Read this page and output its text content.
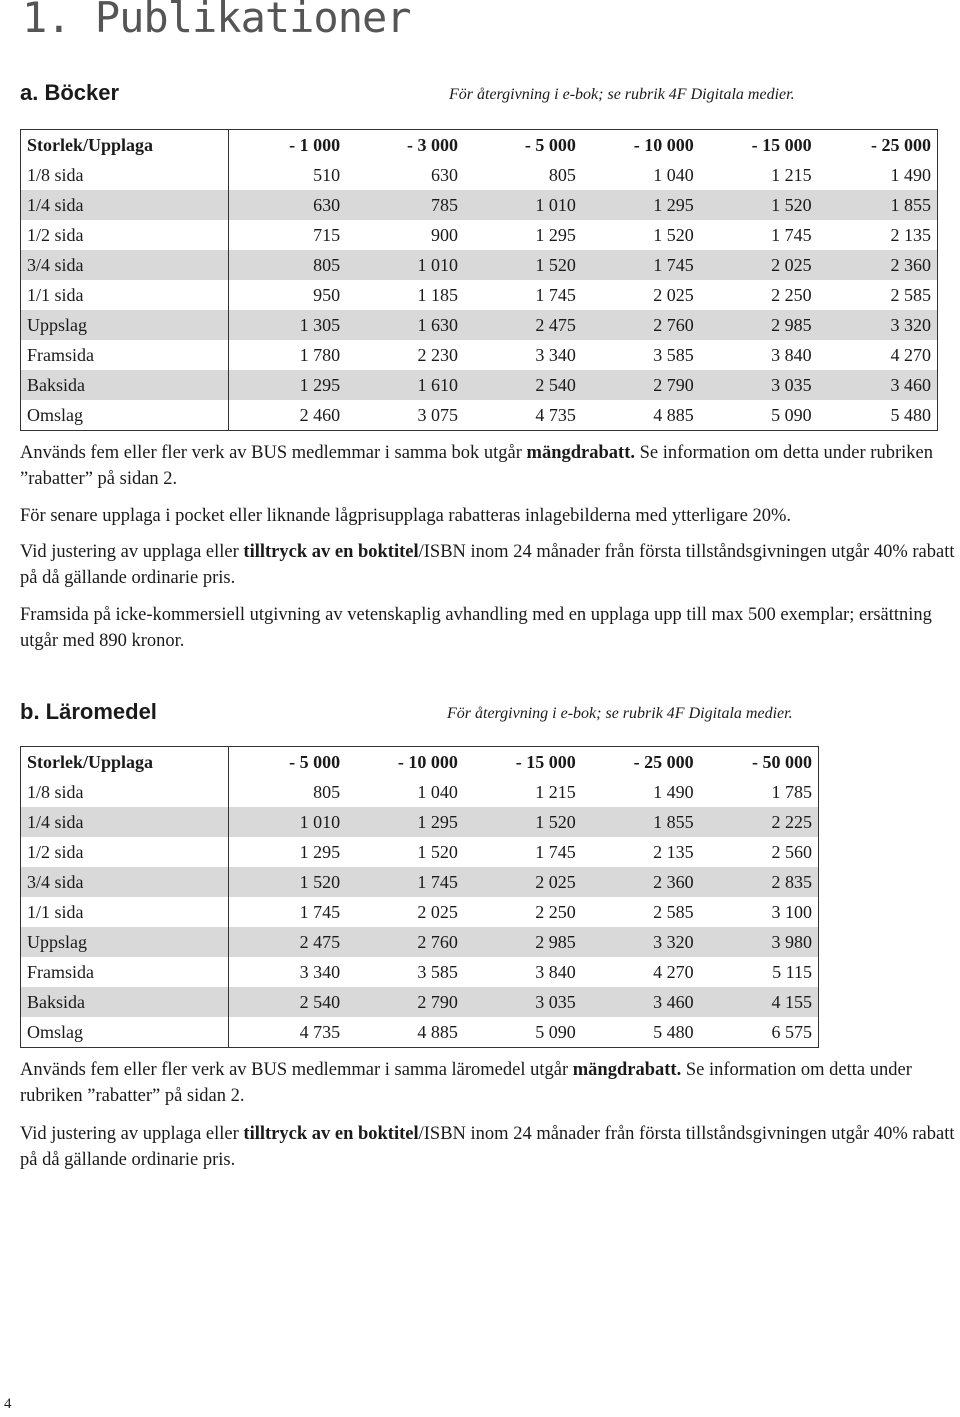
1. Publikationer
a. Böcker	För återgivning i e-bok; se rubrik 4F Digitala medier.
Storlek/Upplaga	- 1 000	- 3 000	- 5 000	- 10 000	- 15 000	- 25 000
1/8 sida	510	630	805	1 040	1 215	1 490
1/4 sida	630	785	1 010	1 295	1 520	1 855
1/2 sida	715	900	1 295	1 520	1 745	2 135
3/4 sida	805	1 010	1 520	1 745	2 025	2 360
1/1 sida	950	1 185	1 745	2 025	2 250	2 585
Uppslag	1 305	1 630	2 475	2 760	2 985	3 320
Framsida	1 780	2 230	3 340	3 585	3 840	4 270
Baksida	1 295	1 610	2 540	2 790	3 035	3 460
Omslag	2 460	3 075	4 735	4 885	5 090	5 480

Används fem eller fler verk av BUS medlemmar i samma bok utgår mängdrabatt. Se information om detta under rubriken ”rabatter” på sidan 2.

För senare upplaga i pocket eller liknande lågprisupplaga rabatteras inlagebilderna med ytterligare 20%.

Vid justering av upplaga eller tilltryck av en boktitel/ISBN inom 24 månader från första tillståndsgivningen utgår 40% rabatt på då gällande ordinarie pris.

Framsida på icke-kommersiell utgivning av vetenskaplig avhandling med en upplaga upp till max 500 exemplar; ersättning utgår med 890 kronor.

b. Läromedel	För återgivning i e-bok; se rubrik 4F Digitala medier.
Storlek/Upplaga	- 5 000	- 10 000	- 15 000	- 25 000	- 50 000
1/8 sida	805	1 040	1 215	1 490	1 785
1/4 sida	1 010	1 295	1 520	1 855	2 225
1/2 sida	1 295	1 520	1 745	2 135	2 560
3/4 sida	1 520	1 745	2 025	2 360	2 835
1/1 sida	1 745	2 025	2 250	2 585	3 100
Uppslag	2 475	2 760	2 985	3 320	3 980
Framsida	3 340	3 585	3 840	4 270	5 115
Baksida	2 540	2 790	3 035	3 460	4 155
Omslag	4 735	4 885	5 090	5 480	6 575

Används fem eller fler verk av BUS medlemmar i samma läromedel utgår mängdrabatt. Se information om detta under rubriken ”rabatter” på sidan 2.

Vid justering av upplaga eller tilltryck av en boktitel/ISBN inom 24 månader från första tillståndsgivningen utgår 40% rabatt på då gällande ordinarie pris.

4
